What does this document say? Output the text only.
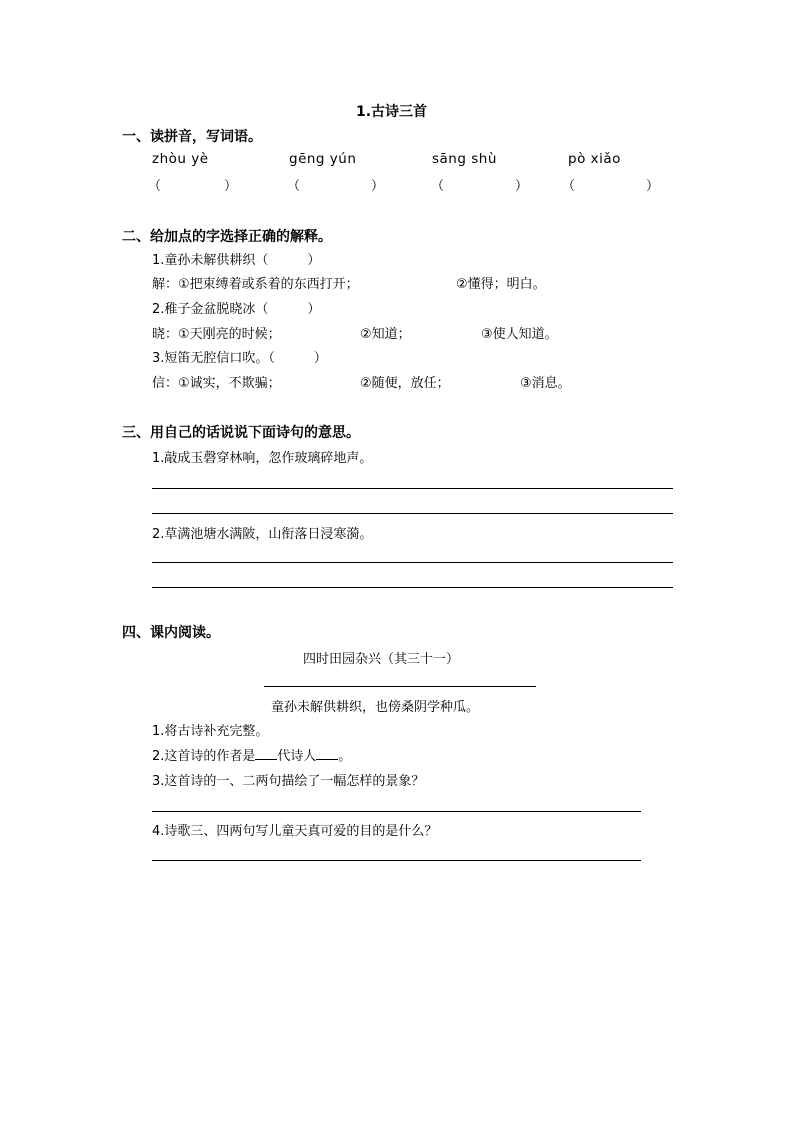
1.古诗三首
一、读拼音，写词语。
zhòu yè	gēng yún	sāng shù	pò xiǎo
（　　　）	（　　　）	（　　　） （　　　）
二、给加点的字选择正确的解释。
1.童孙未解供耕织（　　　）
解：①把束缚着或系着的东西打开；	②懂得；明白。
2.稚子金盆脱晓冰（　　　）
晓：①天刚亮的时候；	②知道；	③使人知道。
3.短笛无腔信口吹。（　　　）
信：①诚实，不欺骗；	②随便，放任；	③消息。
三、用自己的话说说下面诗句的意思。
1.敲成玉磬穿林响，忽作玻璃碎地声。
2.草满池塘水满陂，山衔落日浸寒漪。
四、课内阅读。
四时田园杂兴（其三十一）
童孙未解供耕织，也傍桑阴学种瓜。
1.将古诗补充完整。
2.这首诗的作者是 代诗人 。
3.这首诗的一、二两句描绘了一幅怎样的景象？
4.诗歌三、四两句写儿童天真可爱的目的是什么？
